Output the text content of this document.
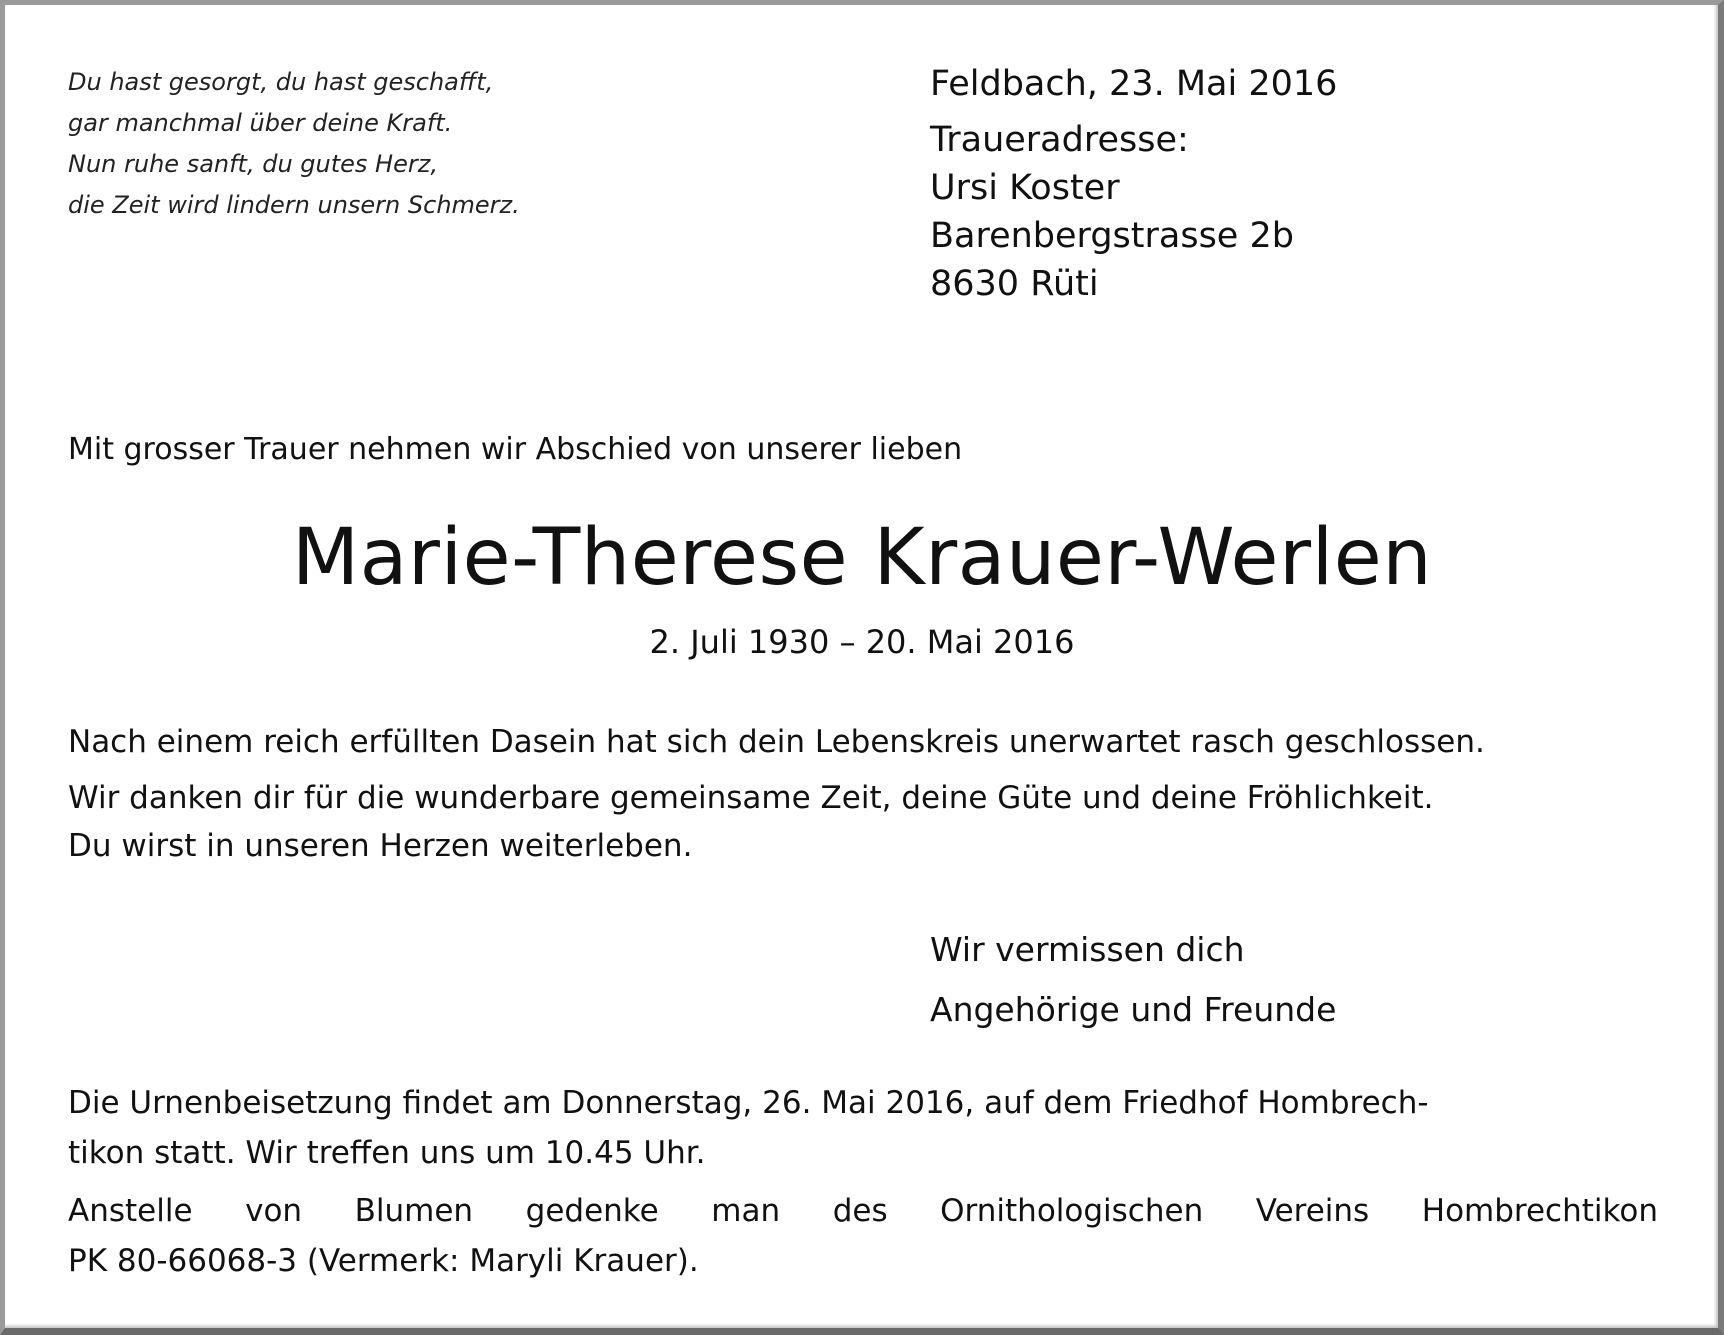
Du hast gesorgt, du hast geschafft,
gar manchmal über deine Kraft.
Nun ruhe sanft, du gutes Herz,
die Zeit wird lindern unsern Schmerz.
Feldbach, 23. Mai 2016
Traueradresse:
Ursi Koster
Barenbergstrasse 2b
8630 Rüti
Mit grosser Trauer nehmen wir Abschied von unserer lieben
Marie-Therese Krauer-Werlen
2. Juli 1930 – 20. Mai 2016
Nach einem reich erfüllten Dasein hat sich dein Lebenskreis unerwartet rasch geschlossen.
Wir danken dir für die wunderbare gemeinsame Zeit, deine Güte und deine Fröhlichkeit.
Du wirst in unseren Herzen weiterleben.
Wir vermissen dich
Angehörige und Freunde
Die Urnenbeisetzung findet am Donnerstag, 26. Mai 2016, auf dem Friedhof Hombrech-
tikon statt. Wir treffen uns um 10.45 Uhr.
Anstelle von Blumen gedenke man des Ornithologischen Vereins Hombrechtikon
PK 80-66068-3 (Vermerk: Maryli Krauer).
